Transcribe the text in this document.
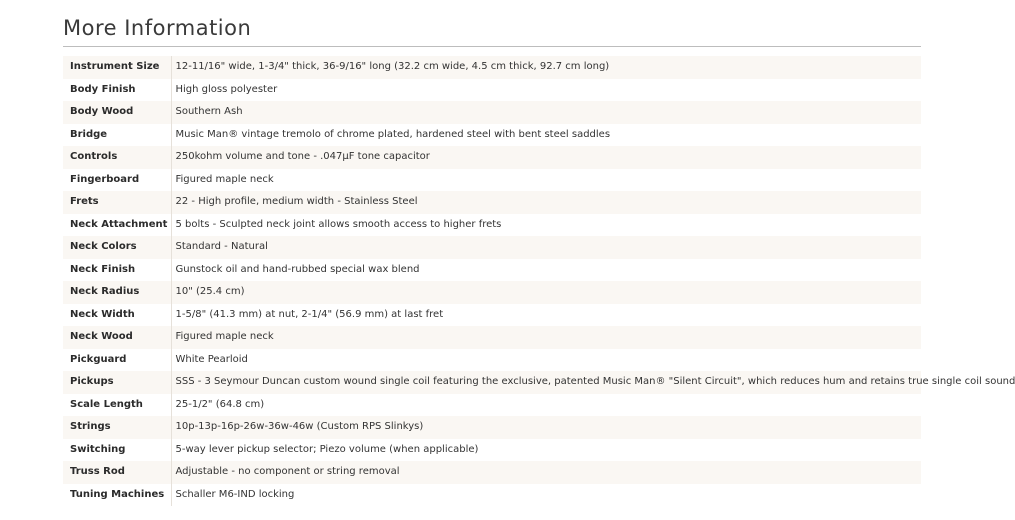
More Information
Instrument Size	12-11/16" wide, 1-3/4" thick, 36-9/16" long (32.2 cm wide, 4.5 cm thick, 92.7 cm long)
Body Finish	High gloss polyester
Body Wood	Southern Ash
Bridge	Music Man® vintage tremolo of chrome plated, hardened steel with bent steel saddles
Controls	250kohm volume and tone - .047µF tone capacitor
Fingerboard	Figured maple neck
Frets	22 - High profile, medium width - Stainless Steel
Neck Attachment	5 bolts - Sculpted neck joint allows smooth access to higher frets
Neck Colors	Standard - Natural
Neck Finish	Gunstock oil and hand-rubbed special wax blend
Neck Radius	10" (25.4 cm)
Neck Width	1-5/8" (41.3 mm) at nut, 2-1/4" (56.9 mm) at last fret
Neck Wood	Figured maple neck
Pickguard	White Pearloid
Pickups	SSS - 3 Seymour Duncan custom wound single coil featuring the exclusive, patented Music Man® "Silent Circuit", which reduces hum and retains true single coil sound
Scale Length	25-1/2" (64.8 cm)
Strings	10p-13p-16p-26w-36w-46w (Custom RPS Slinkys)
Switching	5-way lever pickup selector; Piezo volume (when applicable)
Truss Rod	Adjustable - no component or string removal
Tuning Machines	Schaller M6-IND locking
